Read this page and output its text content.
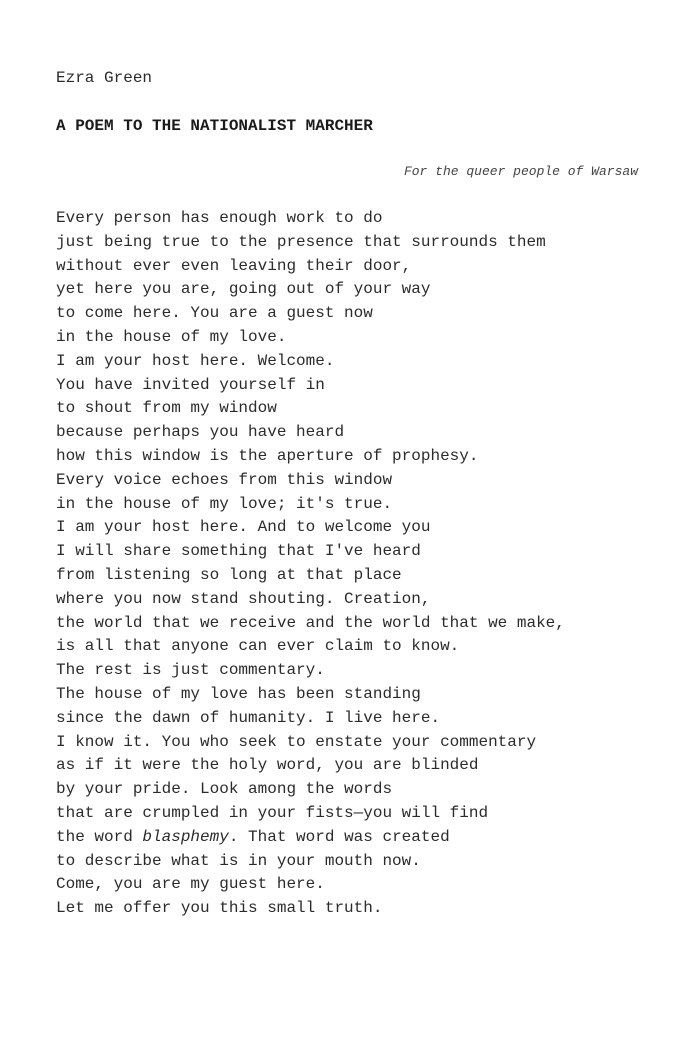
Ezra Green
A POEM TO THE NATIONALIST MARCHER
For the queer people of Warsaw
Every person has enough work to do
just being true to the presence that surrounds them
without ever even leaving their door,
yet here you are, going out of your way
to come here. You are a guest now
in the house of my love.
I am your host here. Welcome.
You have invited yourself in
to shout from my window
because perhaps you have heard
how this window is the aperture of prophesy.
Every voice echoes from this window
in the house of my love; it's true.
I am your host here. And to welcome you
I will share something that I've heard
from listening so long at that place
where you now stand shouting. Creation,
the world that we receive and the world that we make,
is all that anyone can ever claim to know.
The rest is just commentary.
The house of my love has been standing
since the dawn of humanity. I live here.
I know it. You who seek to enstate your commentary
as if it were the holy word, you are blinded
by your pride. Look among the words
that are crumpled in your fists—you will find
the word blasphemy. That word was created
to describe what is in your mouth now.
Come, you are my guest here.
Let me offer you this small truth.
